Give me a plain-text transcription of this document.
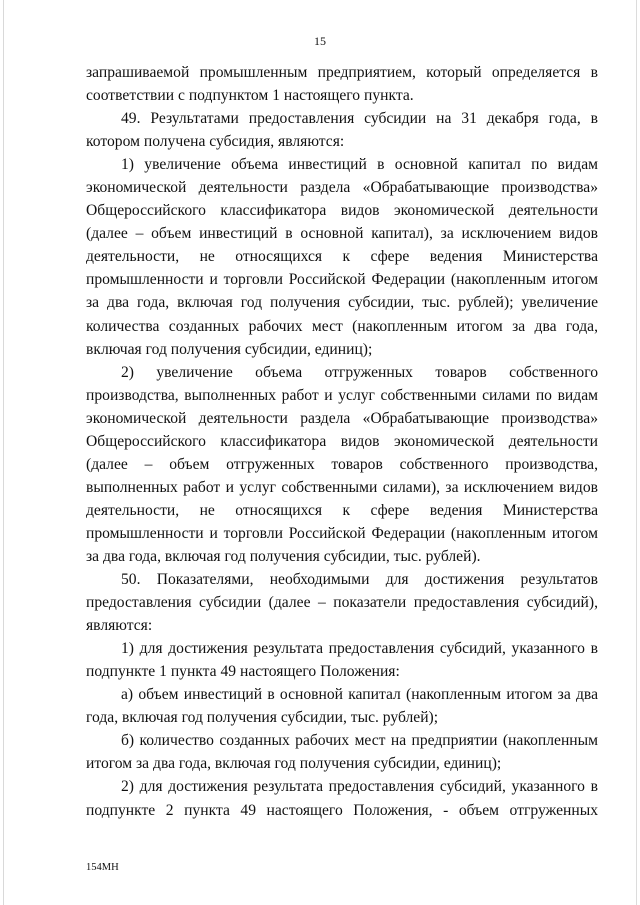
15

запрашиваемой промышленным предприятием, который определяется в соответствии с подпунктом 1 настоящего пункта.

49. Результатами предоставления субсидии на 31 декабря года, в котором получена субсидия, являются:

1) увеличение объема инвестиций в основной капитал по видам экономической деятельности раздела «Обрабатывающие производства» Общероссийского классификатора видов экономической деятельности (далее – объем инвестиций в основной капитал), за исключением видов деятельности, не относящихся к сфере ведения Министерства промышленности и торговли Российской Федерации (накопленным итогом за два года, включая год получения субсидии, тыс. рублей); увеличение количества созданных рабочих мест (накопленным итогом за два года, включая год получения субсидии, единиц);

2) увеличение объема отгруженных товаров собственного производства, выполненных работ и услуг собственными силами по видам экономической деятельности раздела «Обрабатывающие производства» Общероссийского классификатора видов экономической деятельности (далее – объем отгруженных товаров собственного производства, выполненных работ и услуг собственными силами), за исключением видов деятельности, не относящихся к сфере ведения Министерства промышленности и торговли Российской Федерации (накопленным итогом за два года, включая год получения субсидии, тыс. рублей).

50. Показателями, необходимыми для достижения результатов предоставления субсидии (далее – показатели предоставления субсидий), являются:

1) для достижения результата предоставления субсидий, указанного в подпункте 1 пункта 49 настоящего Положения:

а) объем инвестиций в основной капитал (накопленным итогом за два года, включая год получения субсидии, тыс. рублей);

б) количество созданных рабочих мест на предприятии (накопленным итогом за два года, включая год получения субсидии, единиц);

2) для достижения результата предоставления субсидий, указанного в подпункте 2 пункта 49 настоящего Положения, - объем отгруженных

154МН
